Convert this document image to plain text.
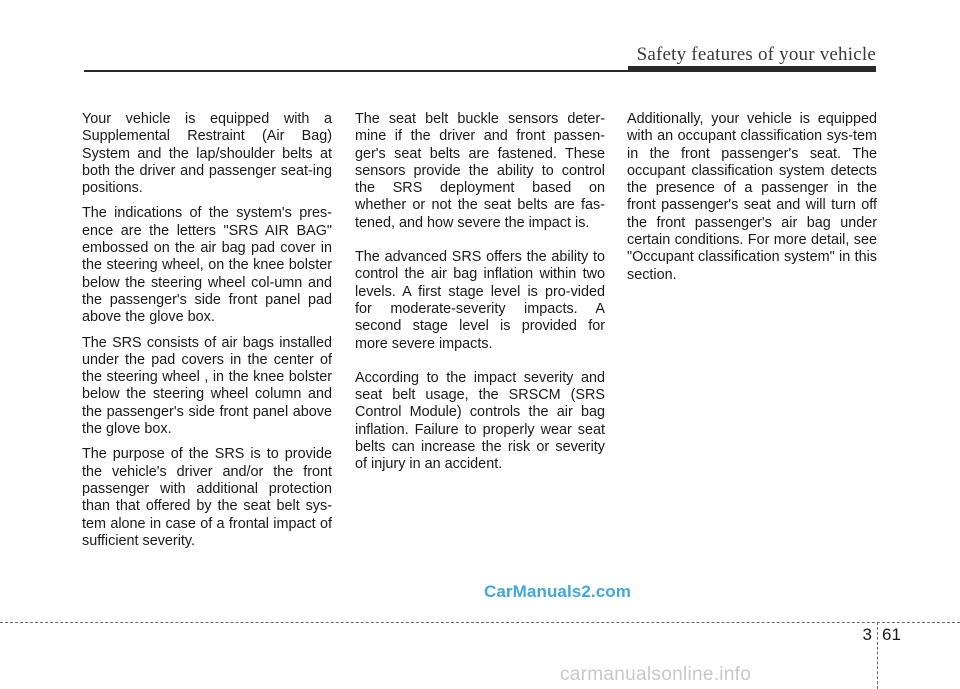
Safety features of your vehicle

Your vehicle is equipped with a Supplemental Restraint (Air Bag) System and the lap/shoulder belts at both the driver and passenger seat-ing positions.

The indications of the system's pres-ence are the letters "SRS AIR BAG" embossed on the air bag pad cover in the steering wheel, on the knee bolster below the steering wheel col-umn and the passenger's side front panel pad above the glove box.

The SRS consists of air bags installed under the pad covers in the center of the steering wheel , in the knee bolster below the steering wheel column and the passenger's side front panel above the glove box.

The purpose of the SRS is to provide the vehicle's driver and/or the front passenger with additional protection than that offered by the seat belt sys-tem alone in case of a frontal impact of sufficient severity.

The seat belt buckle sensors deter-mine if the driver and front passen-ger's seat belts are fastened. These sensors provide the ability to control the SRS deployment based on whether or not the seat belts are fas-tened, and how severe the impact is.

The advanced SRS offers the ability to control the air bag inflation within two levels. A first stage level is pro-vided for moderate-severity impacts. A second stage level is provided for more severe impacts.

According to the impact severity and seat belt usage, the SRSCM (SRS Control Module) controls the air bag inflation. Failure to properly wear seat belts can increase the risk or severity of injury in an accident.

Additionally, your vehicle is equipped with an occupant classification sys-tem in the front passenger's seat. The occupant classification system detects the presence of a passenger in the front passenger's seat and will turn off the front passenger's air bag under certain conditions. For more detail, see "Occupant classification system" in this section.

CarManuals2.com
3 61
carmanualsonline.info
